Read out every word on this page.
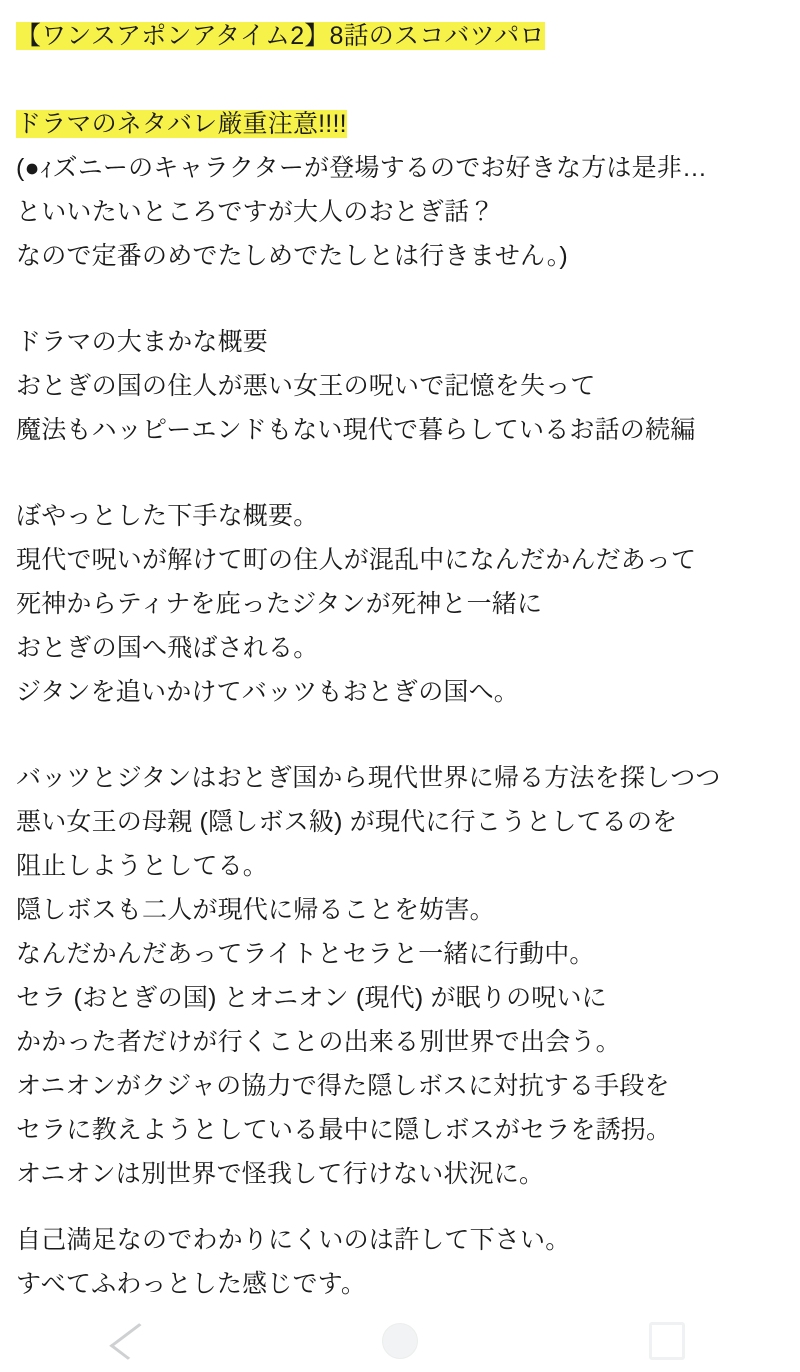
【ワンスアポンアタイム2】8話のスコバツパロ
ドラマのネタバレ厳重注意!!!!
(●ｨズニーのキャラクターが登場するのでお好きな方は是非…
といいたいところですが大人のおとぎ話？
なので定番のめでたしめでたしとは行きません。)
ドラマの大まかな概要
おとぎの国の住人が悪い女王の呪いで記憶を失って
魔法もハッピーエンドもない現代で暮らしているお話の続編
ぼやっとした下手な概要。
現代で呪いが解けて町の住人が混乱中になんだかんだあって
死神からティナを庇ったジタンが死神と一緒に
おとぎの国へ飛ばされる。
ジタンを追いかけてバッツもおとぎの国へ。
バッツとジタンはおとぎ国から現代世界に帰る方法を探しつつ
悪い女王の母親 (隠しボス級) が現代に行こうとしてるのを
阻止しようとしてる。
隠しボスも二人が現代に帰ることを妨害。
なんだかんだあってライトとセラと一緒に行動中。
セラ (おとぎの国) とオニオン (現代) が眠りの呪いに
かかった者だけが行くことの出来る別世界で出会う。
オニオンがクジャの協力で得た隠しボスに対抗する手段を
セラに教えようとしている最中に隠しボスがセラを誘拐。
オニオンは別世界で怪我して行けない状況に。
自己満足なのでわかりにくいのは許して下さい。
すべてふわっとした感じです。
